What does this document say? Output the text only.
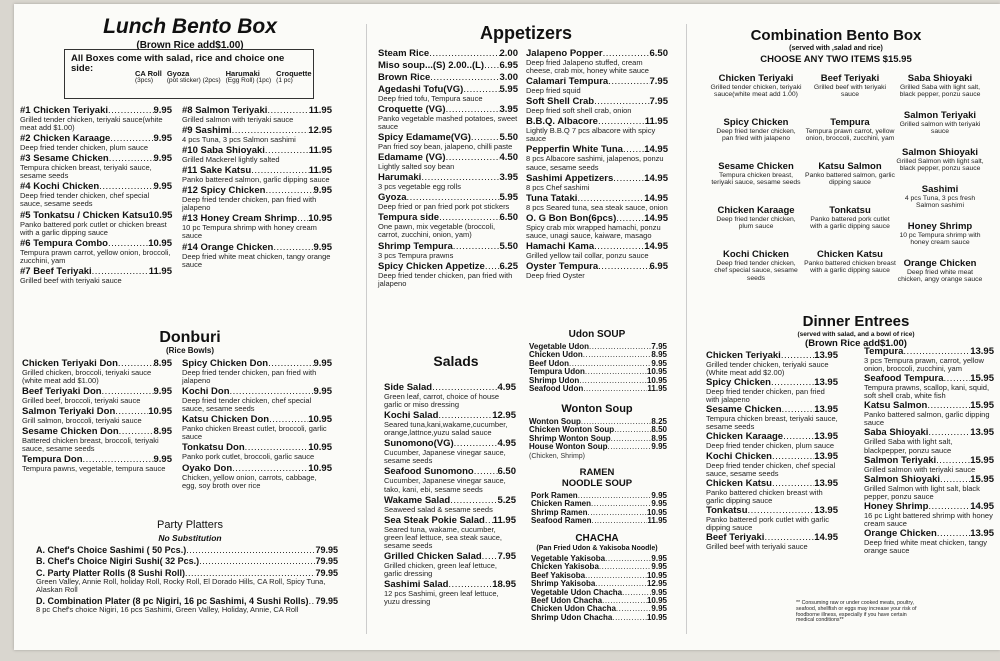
Lunch Bento Box
(Brown Rice add$1.00)
All Boxes come with salad, rice and choice one side:	CA Roll
(3pcs)
Gyoza
(pot sticker) (2pcs)
Harumaki
(Egg Roll) (1pc)
Croquette
(1 pc)
#1 Chicken Teriyaki .....	9.95
Grilled tender chicken, teriyaki sauce(white meat add $1.00)
#2 Chicken Karaage .....	9.95
Deep fried tender chicken, plum sauce
#3 Sesame Chicken .....	9.95
Tempura chicken breast, teriyaki sauce, sesame seeds
#4 Kochi Chicken .....	9.95
Deep fried tender chicken, chef special sauce, sesame seeds
#5 Tonkatsu / Chicken Katsu 10.95
Panko battered pork cutlet or chicken breast with a garlic dipping sauce
#6 Tempura Combo .....	10.95
Tempura prawn carrot, yellow onion, broccoli, zucchini, yam
#7 Beef Teriyaki .....	11.95
Grilled beef with teriyaki sauce
#8 Salmon Teriyaki .....	11.95
Grilled salmon with teriyaki sauce
#9 Sashimi .....	12.95
4 pcs Tuna, 3 pcs Salmon sashimi
#10 Saba Shioyaki .....	11.95
Grilled Mackerel lightly salted
#11 Sake Katsu .....	11.95
Panko battered salmon, garlic dipping sauce
#12 Spicy Chicken .....	9.95
Deep fried tender chicken, pan fried with jalapeno
#13 Honey Cream Shrimp ..... 10.95
10 pc Tempura shrimp with honey cream sauce
#14 Orange Chicken .....	9.95
Deep fried white meat chicken, tangy orange sauce
Donburi
(Rice Bowls)
Chicken Teriyaki Don .....	8.95
Grilled chicken, broccoli, teriyaki sauce (white meat add $1.00)
Beef Teriyaki Don .....	9.95
Grilled beef, broccoli, teriyaki sauce
Salmon Teriyaki Don .....	10.95
Grill salmon, broccoli, teriyaki sauce
Sesame Chicken Don .....	8.95
Battered chicken breast, broccoli, teriyaki sauce, sesame seeds
Tempura Don .....	9.95
Tempura pawns, vegetable, tempura sauce
Spicy Chicken Don .....	9.95
Deep fried tender chicken, pan fried with jalapeno
Kochi Don .....	9.95
Deep fried tender chicken, chef special sauce, sesame seeds
Katsu Chicken Don .....	10.95
Panko chicken Breast cutlet, broccoli, garlic sauce
Tonkatsu Don .....	10.95
Panko pork cutlet, broccoli, garlic sauce
Oyako Don .....	10.95
Chicken, yellow onion, carrots, cabbage, egg, soy broth over rice
Party Platters
No Substitution
A. Chef's Choice Sashimi ( 50 Pcs.) .....	79.95
B. Chef's Choice Nigiri Sushi( 32 Pcs.) .....	79.95
C. Party Platter Rolls (8 Sushi Roll) .....	79.95
Green Valley, Annie Roll, holiday Roll, Rocky Roll, El Dorado Hills, CA Roll, Spicy Tuna, Alaskan Roll
D. Combination Plater (8 pc Nigiri, 16 pc Sashimi, 4 Sushi Rolls) ..... 79.95
8 pc Chef's choice Nigiri, 16 pcs Sashimi, Green Valley, Holiday, Annie, CA Roll
Appetizers
Steam Rice .....	2.00
Miso soup...(S) 2.00..(L) ..... 6.95
Brown Rice .....	3.00
Agedashi Tofu(VG) .....	5.95
Deep fried tofu, Tempura sauce
Croquette (VG) .....	3.95
Panko vegetable mashed potatoes, sweet sauce
Spicy Edamame(VG) .....	5.50
Pan fried soy bean, jalapeno, chilli paste
Edamame (VG) .....	4.50
Lightly salted soy bean
Harumaki .....	3.95
3 pcs vegetable egg rolls
Gyoza .....	5.95
Deep fried or pan fried pork pot stickers
Tempura side .....	6.50
One pawn, mix vegetable (broccoli, carrot, zucchini, onion, yam)
Shrimp Tempura .....	5.50
3 pcs Tempura prawns
Spicy Chicken Appetize ..... 6.25
Deep fried tender chicken, pan fried with jalapeno
Jalapeno Popper .....	6.50
Deep fried Jalapeno stuffed, cream cheese, crab mix, honey white sauce
Calamari Tempura .....	7.95
Deep fried squid
Soft Shell Crab .....	7.95
Deep fried soft shell crab, onion
B.B.Q. Albacore .....	11.95
Lightly B.B.Q 7 pcs albacore with spicy sauce
Pepperfin White Tuna ..... 14.95
8 pcs Albacore sashimi, jalapenos, ponzu sauce, sesame seeds
Sashimi Appetizers .....	14.95
8 pcs Chef sashimi
Tuna Tataki .....	14.95
8 pcs Seared tuna, sea steak sauce, onion
O. G Bon Bon(6pcs) .....	14.95
Spicy crab mix wrapped hamachi, ponzu sauce, unagi sauce, kaiware, masago
Hamachi Kama .....	14.95
Grilled yellow tail collar, ponzu sauce
Oyster Tempura .....	6.95
Deep fried Oyster
Salads
Side Salad .....	4.95
Green leaf, carrot, choice of house garlic or miso dressing
Kochi Salad .....	12.95
Seared tuna,kani,wakame,cucumber, orange,lattnce,yuzu salad sauce
Sunomono(VG) .....	4.95
Cucumber, Japanese vinegar sauce, sesame seeds
Seafood Sunomono .....	6.50
Cucumber, Japanese vinegar sauce, tako, kani, ebi, sesame seeds
Wakame Salad .....	5.25
Seaweed salad & sesame seeds
Sea Steak Pokie Salad ..... 11.95
Seared tuna, wakame, cucumber, green leaf lettuce, sea steak sauce, sesame seeds
Grilled Chicken Salad ..... 7.95
Grilled chicken, green leaf lettuce, garlic dressing
Sashimi Salad .....	18.95
12 pcs Sashimi, green leaf lettuce, yuzu dressing
Udon SOUP
Vegetable Udon .....	7.95
Chicken Udon .....	8.95
Beef Udon .....	9.95
Tempura Udon .....	10.95
Shrimp Udon .....	10.95
Seafood Udon .....	11.95
Wonton Soup
Wonton Soup .....	8.25
Chicken Wonton Soup .....	8.50
Shrimp Wonton Soup .....	8.95
House Wonton Soup .....	9.95
(Chicken, Shrimp)
RAMEN
NOODLE SOUP
Pork Ramen .....	9.95
Chicken Ramen .....	9.95
Shrimp Ramen .....	10.95
Seafood Ramen .....	11.95
CHACHA
(Pan Fried Udon & Yakisoba Noodle)
Vegetable Yakisoba .....	9.95
Chicken Yakisoba .....	9.95
Beef Yakisoba .....	10.95
Shrimp Yakisoba .....	12.95
Vegetable Udon Chacha .....	9.95
Beef Udon Chacha .....	10.95
Chicken Udon Chacha .....	9.95
Shrimp Udon Chacha .....	10.95
Combination Bento Box
(served with ,salad and rice)
CHOOSE ANY TWO ITEMS $15.95
Chicken Teriyaki
Grilled tender chicken, teriyaki sauce(white meat add 1.00)
Spicy Chicken
Deep fried tender chicken, pan fried with jalapeno
Sesame Chicken
Tempura chicken breast, teriyaki sauce, sesame seeds
Chicken Karaage
Deep fried tender chicken, plum sauce
Kochi Chicken
Deep fried tender chicken, chef special sauce, sesame seeds
Beef Teriyaki
Grilled beef with teriyaki sauce
Tempura
Tempura prawn carrot, yellow onion, broccoli, zucchini, yam
Katsu Salmon
Panko battered salmon, garlic dipping sauce
Tonkatsu
Panko battered pork cutlet with a garlic dipping sauce
Chicken Katsu
Panko battered chicken breast with a garlic dipping sauce
Saba Shioyaki
Grilled Saba with light salt, black pepper, ponzu sauce
Salmon Teriyaki
Grilled salmon with teriyaki sauce
Salmon Shioyaki
Grilled Salmon with light salt, black pepper, ponzu sauce
Sashimi
4 pcs Tuna, 3 pcs fresh Salmon sashimi
Honey Shrimp
10 pc Tempura shrimp with honey cream sauce
Orange Chicken
Deep fried white meat chicken, angy orange sauce
Dinner Entrees
(served with salad, and a bowl of rice)
(Brown Rice add$1.00)
Chicken Teriyaki .....	13.95
Grilled tender chicken, teriyaki sauce (White meat add $2.00)
Spicy Chicken .....	13.95
Deep fried tender chicken, pan fried with jalapeno
Sesame Chicken .....	13.95
Tempura chicken breast, teriyaki sauce, sesame seeds
Chicken Karaage .....	13.95
Deep fried tender chicken, plum sauce
Kochi Chicken .....	13.95
Deep fried tender chicken, chef special sauce, sesame seeds
Chicken Katsu .....	13.95
Panko battered chicken breast with garlic dipping sauce
Tonkatsu .....	13.95
Panko battered pork cutlet with garlic dipping sauce
Beef Teriyaki .....	14.95
Grilled beef with teriyaki sauce
Tempura .....	13.95
3 pcs Tempura prawn, carrot, yellow onion, broccoli, zucchini, yam
Seafood Tempura .....	15.95
Tempura prawns, scallop, kani, squid, soft shell crab, white fish
Katsu Salmon .....	15.95
Panko battered salmon, garlic dipping sauce
Saba Shioyaki .....	13.95
Grilled Saba with light salt, blackpepper, ponzu sauce
Salmon Teriyaki .....	15.95
Grilled salmon with teriyaki sauce
Salmon Shioyaki .....	15.95
Grilled Salmon with light salt, black pepper, ponzu sauce
Honey Shrimp .....	14.95
16 pc Light battered shrimp with honey cream sauce
Orange Chicken .....	13.95
Deep fried white meat chicken, tangy orange sauce
** Consuming raw or under cooked meats, poultry, seafood, shellfish or eggs may increase your risk of foodborne illness, especially if you have certain medical conditions**
